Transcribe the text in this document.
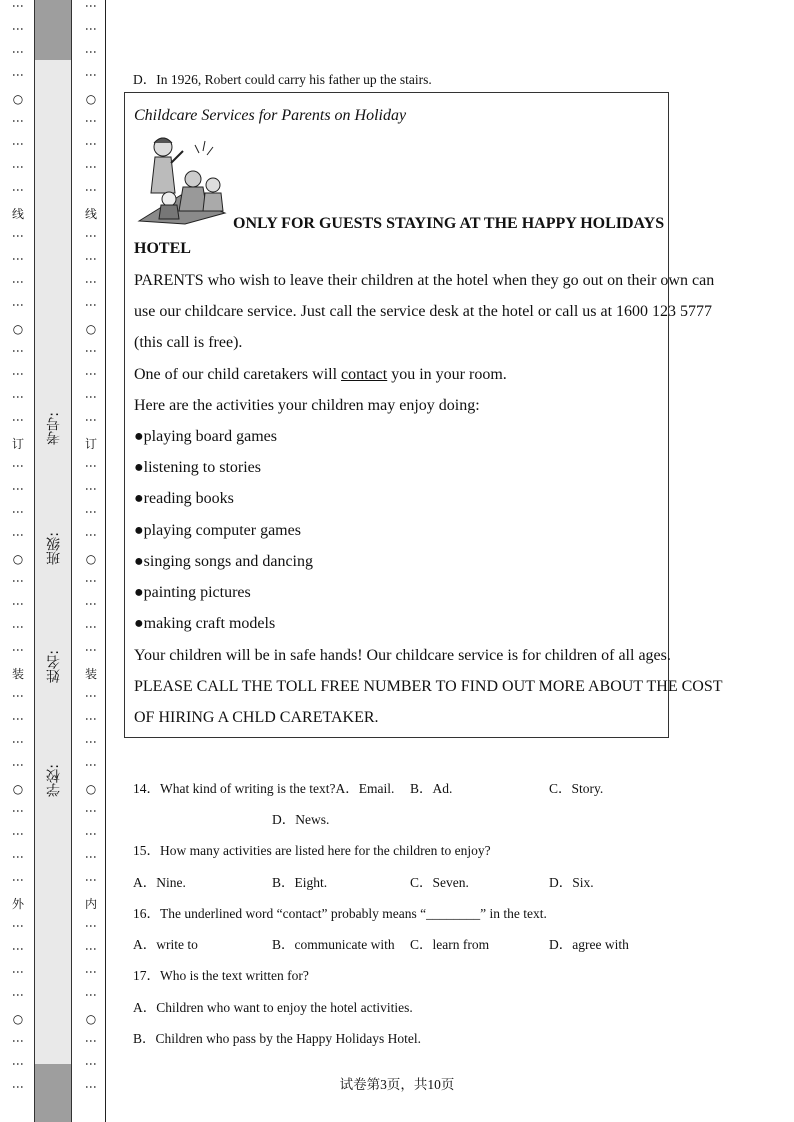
⋮
⋮
⋮
⋮
○
⋮
⋮
⋮
⋮
线
⋮
⋮
⋮
⋮
○
⋮
⋮
⋮
⋮
订
⋮
⋮
⋮
⋮
○
⋮
⋮
⋮
⋮
装
⋮
⋮
⋮
⋮
○
⋮
⋮
⋮
⋮
外
⋮
⋮
⋮
⋮
○
⋮
⋮
⋮
考号:
班级:
姓名:
学校:
⋮
⋮
⋮
⋮
○
⋮
⋮
⋮
⋮
线
⋮
⋮
⋮
⋮
○
⋮
⋮
⋮
⋮
订
⋮
⋮
⋮
⋮
○
⋮
⋮
⋮
⋮
装
⋮
⋮
⋮
⋮
○
⋮
⋮
⋮
⋮
内
⋮
⋮
⋮
⋮
○
⋮
⋮
⋮
D．In 1926, Robert could carry his father up the stairs.
Childcare Services for Parents on Holiday
ONLY FOR GUESTS STAYING AT THE HAPPY HOLIDAYS
HOTEL
PARENTS who wish to leave their children at the hotel when they go out on their own can
use our childcare service. Just call the service desk at the hotel or call us at 1600 123 5777
(this call is free).
One of our child caretakers will contact you in your room.
Here are the activities your children may enjoy doing:
●playing board games
●listening to stories
●reading books
●playing computer games
●singing songs and dancing
●painting pictures
●making craft models
Your children will be in safe hands! Our childcare service is for children of all ages.
PLEASE CALL THE TOLL FREE NUMBER TO FIND OUT MORE ABOUT THE COST
OF HIRING A CHLD CARETAKER.
14．What kind of writing is the text?A．Email. B．Ad.	C．Story.
D．News.
15．How many activities are listed here for the children to enjoy?
A．Nine.	B．Eight.	C．Seven.	D．Six.
16．The underlined word “contact” probably means “________” in the text.
A．write to	B．communicate with C．learn from	D．agree with
17．Who is the text written for?
A．Children who want to enjoy the hotel activities.
B．Children who pass by the Happy Holidays Hotel.
试卷第3页，共10页
